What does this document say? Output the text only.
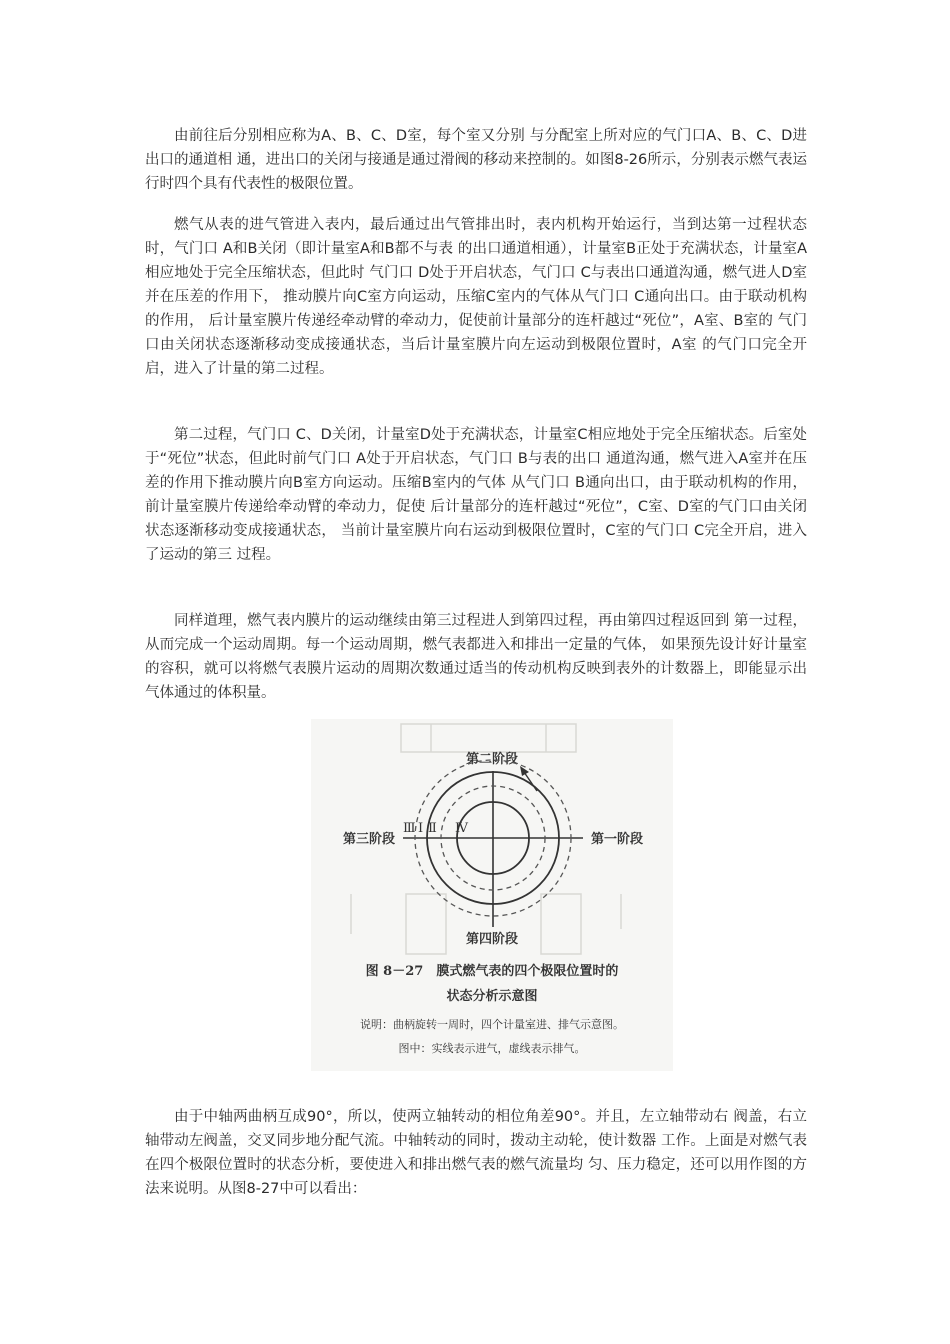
由前往后分别相应称为A、B、C、D室，每个室又分别 与分配室上所对应的气门口A、B、C、D进出口的通道相 通，进出口的关闭与接通是通过滑阀的移动来控制的。如图8-26所示，分别表示燃气表运行时四个具有代表性的极限位置。

燃气从表的进气管进入表内，最后通过出气管排出时，表内机构开始运行，当到达第一过程状态时，气门口 A和B关闭（即计量室A和B都不与表 的出口通道相通），计量室B正处于充满状态，计量室A相应地处于完全压缩状态，但此时 气门口 D处于开启状态，气门口 C与表出口通道沟通，燃气进人D室并在压差的作用下， 推动膜片向C室方向运动，压缩C室内的气体从气门口 C通向出口。由于联动机构的作用， 后计量室膜片传递经牵动臂的牵动力，促使前计量部分的连杆越过“死位”，A室、B室的 气门口由关闭状态逐渐移动变成接通状态，当后计量室膜片向左运动到极限位置时，A室 的气门口完全开启，进入了计量的第二过程。

第二过程，气门口 C、D关闭，计量室D处于充满状态，计量室C相应地处于完全压缩状态。后室处于“死位”状态，但此时前气门口 A处于开启状态，气门口 B与表的出口 通道沟通，燃气进入A室并在压差的作用下推动膜片向B室方向运动。压缩B室内的气体 从气门口 B通向出口，由于联动机构的作用，前计量室膜片传递给牵动臂的牵动力，促使 后计量部分的连杆越过“死位”，C室、D室的气门口由关闭状态逐渐移动变成接通状态， 当前计量室膜片向右运动到极限位置时，C室的气门口 C完全开启，进入了运动的第三 过程。

同样道理，燃气表内膜片的运动继续由第三过程进人到第四过程，再由第四过程返回到 第一过程，从而完成一个运动周期。每一个运动周期，燃气表都进入和排出一定量的气体， 如果预先设计好计量室的容积，就可以将燃气表膜片运动的周期次数通过适当的传动机构反映到表外的计数器上，即能显示出气体通过的体积量。

第二阶段
第三阶段	第一阶段
第四阶段
Ⅲ Ⅰ Ⅱ Ⅳ
图 8－27　膜式燃气表的四个极限位置时的
状态分析示意图
说明：曲柄旋转一周时，四个计量室进、排气示意图。
图中：实线表示进气，虚线表示排气。

由于中轴两曲柄互成90°，所以，使两立轴转动的相位角差90°。并且，左立轴带动右 阀盖，右立轴带动左阀盖，交叉同步地分配气流。中轴转动的同时，拨动主动轮，使计数器 工作。上面是对燃气表在四个极限位置时的状态分析，要使进入和排出燃气表的燃气流量均 匀、压力稳定，还可以用作图的方法来说明。从图8-27中可以看出：
